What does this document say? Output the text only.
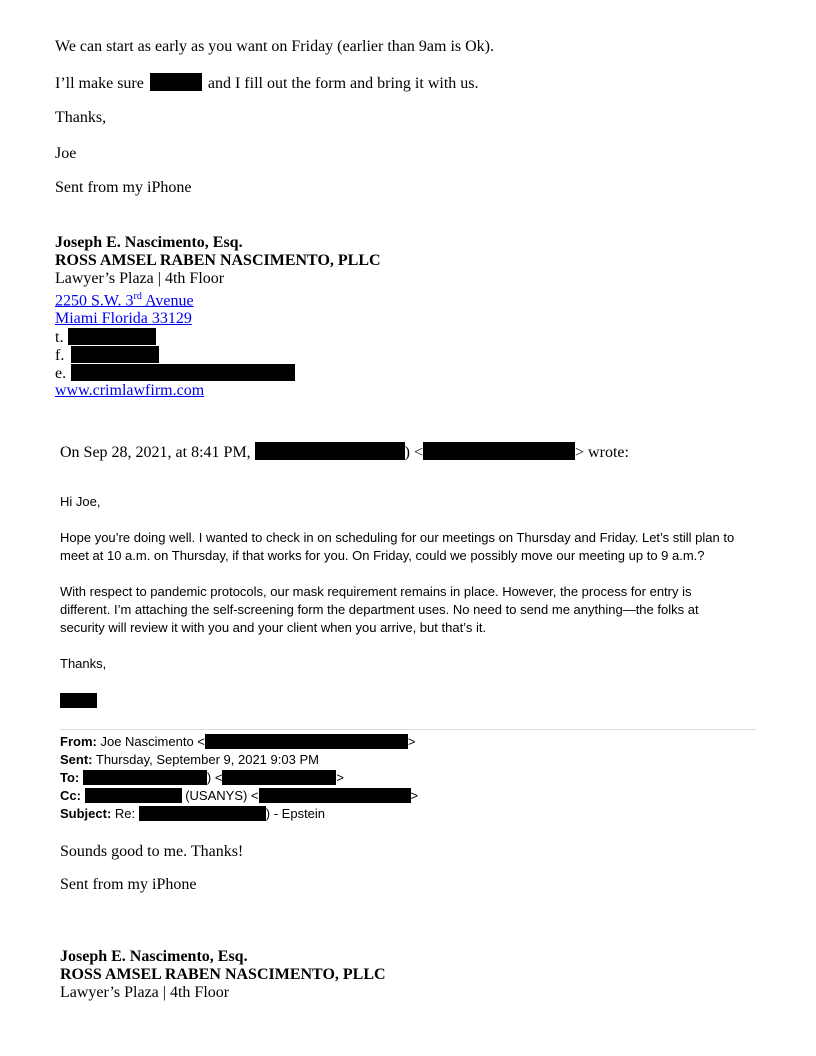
We can start as early as you want on Friday (earlier than 9am is Ok).
I’ll make sure	and I fill out the form and bring it with us.
Thanks,
Joe
Sent from my iPhone
Joseph E. Nascimento, Esq.
ROSS AMSEL RABEN NASCIMENTO, PLLC
Lawyer’s Plaza | 4th Floor
2250 S.W. 3rd Avenue
Miami Florida 33129
t.
f.
e.
www.crimlawfirm.com
On Sep 28, 2021, at 8:41 PM,	) <	> wrote:
Hi Joe,
Hope you’re doing well. I wanted to check in on scheduling for our meetings on Thursday and Friday. Let’s still plan to
meet at 10 a.m. on Thursday, if that works for you. On Friday, could we possibly move our meeting up to 9 a.m.?
With respect to pandemic protocols, our mask requirement remains in place. However, the process for entry is
different. I’m attaching the self-screening form the department uses. No need to send me anything—the folks at
security will review it with you and your client when you arrive, but that’s it.
Thanks,
From: Joe Nascimento <	>
Sent: Thursday, September 9, 2021 9:03 PM
To:	) <	>
Cc:	(USANYS) <	>
Subject: Re:	) - Epstein
Sounds good to me. Thanks!
Sent from my iPhone
Joseph E. Nascimento, Esq.
ROSS AMSEL RABEN NASCIMENTO, PLLC
Lawyer’s Plaza | 4th Floor
